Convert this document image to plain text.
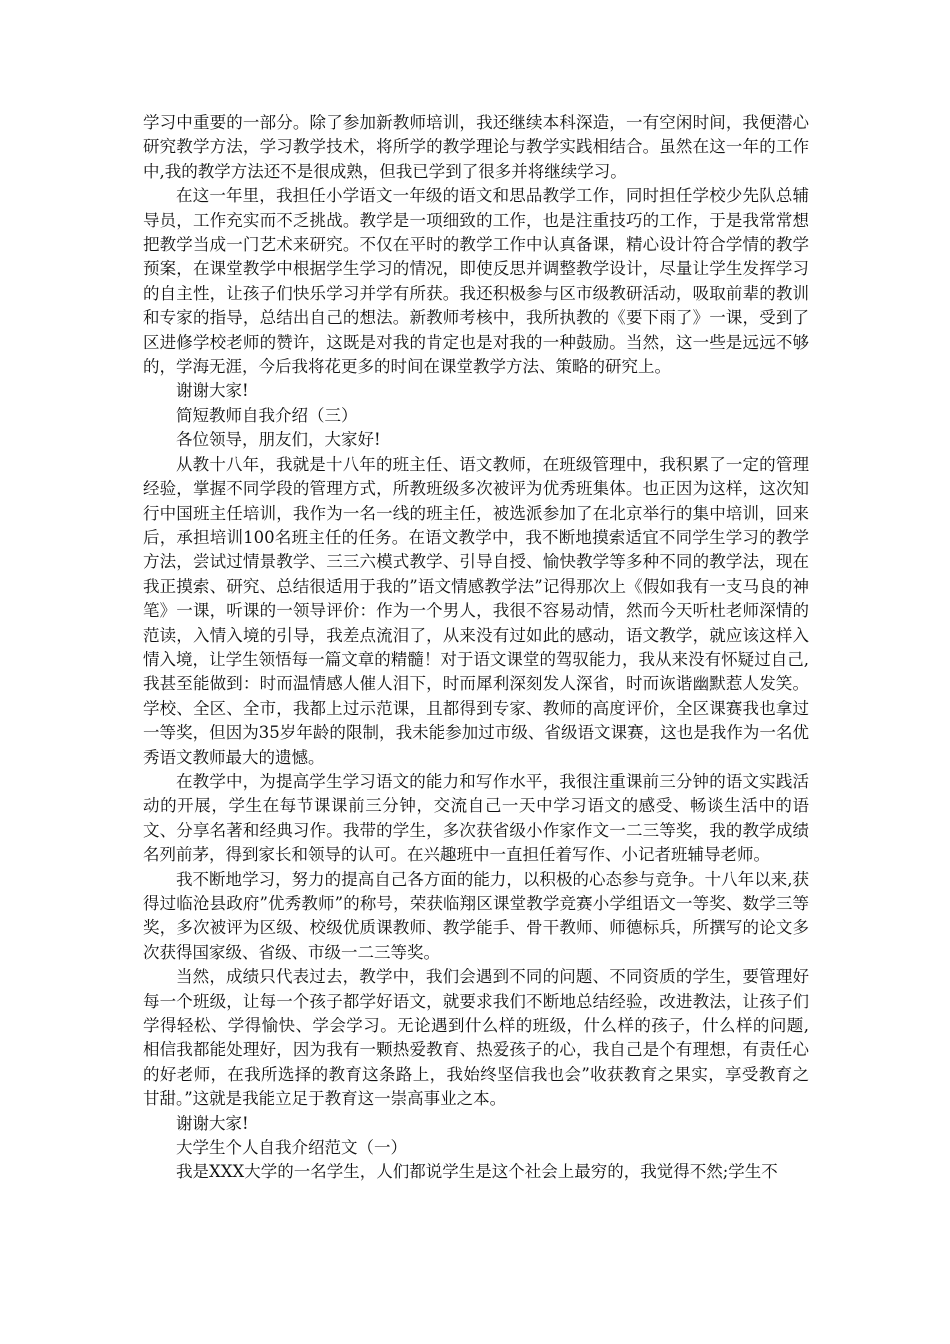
学习中重要的一部分。除了参加新教师培训，我还继续本科深造，一有空闲时间，我便潜心研究教学方法，学习教学技术，将所学的教学理论与教学实践相结合。虽然在这一年的工作中,我的教学方法还不是很成熟，但我已学到了很多并将继续学习。

在这一年里，我担任小学语文一年级的语文和思品教学工作，同时担任学校少先队总辅导员，工作充实而不乏挑战。教学是一项细致的工作，也是注重技巧的工作，于是我常常想把教学当成一门艺术来研究。不仅在平时的教学工作中认真备课，精心设计符合学情的教学预案，在课堂教学中根据学生学习的情况，即使反思并调整教学设计，尽量让学生发挥学习的自主性，让孩子们快乐学习并学有所获。我还积极参与区市级教研活动，吸取前辈的教训和专家的指导，总结出自己的想法。新教师考核中，我所执教的《要下雨了》一课，受到了区进修学校老师的赞许，这既是对我的肯定也是对我的一种鼓励。当然，这一些是远远不够的，学海无涯，今后我将花更多的时间在课堂教学方法、策略的研究上。

谢谢大家!

简短教师自我介绍（三）

各位领导，朋友们，大家好!

从教十八年，我就是十八年的班主任、语文教师，在班级管理中，我积累了一定的管理经验，掌握不同学段的管理方式，所教班级多次被评为优秀班集体。也正因为这样，这次知行中国班主任培训，我作为一名一线的班主任，被选派参加了在北京举行的集中培训，回来后，承担培训100名班主任的任务。在语文教学中，我不断地摸索适宜不同学生学习的教学方法，尝试过情景教学、三三六模式教学、引导自授、愉快教学等多种不同的教学法，现在我正摸索、研究、总结很适用于我的”语文情感教学法”记得那次上《假如我有一支马良的神笔》一课，听课的一领导评价：作为一个男人，我很不容易动情，然而今天听杜老师深情的范读，入情入境的引导，我差点流泪了，从来没有过如此的感动，语文教学，就应该这样入情入境，让学生领悟每一篇文章的精髓！对于语文课堂的驾驭能力，我从来没有怀疑过自己, 我甚至能做到：时而温情感人催人泪下，时而犀利深刻发人深省，时而诙谐幽默惹人发笑。学校、全区、全市，我都上过示范课，且都得到专家、教师的高度评价，全区课赛我也拿过一等奖，但因为35岁年龄的限制，我未能参加过市级、省级语文课赛，这也是我作为一名优秀语文教师最大的遗憾。

在教学中，为提高学生学习语文的能力和写作水平，我很注重课前三分钟的语文实践活动的开展，学生在每节课课前三分钟，交流自己一天中学习语文的感受、畅谈生活中的语文、分享名著和经典习作。我带的学生，多次获省级小作家作文一二三等奖，我的教学成绩名列前茅，得到家长和领导的认可。在兴趣班中一直担任着写作、小记者班辅导老师。

我不断地学习，努力的提高自己各方面的能力，以积极的心态参与竞争。十八年以来,获得过临沧县政府”优秀教师”的称号，荣获临翔区课堂教学竞赛小学组语文一等奖、数学三等奖，多次被评为区级、校级优质课教师、教学能手、骨干教师、师德标兵，所撰写的论文多次获得国家级、省级、市级一二三等奖。

当然，成绩只代表过去，教学中，我们会遇到不同的问题、不同资质的学生，要管理好每一个班级，让每一个孩子都学好语文，就要求我们不断地总结经验，改进教法，让孩子们学得轻松、学得愉快、学会学习。无论遇到什么样的班级，什么样的孩子，什么样的问题, 相信我都能处理好，因为我有一颗热爱教育、热爱孩子的心，我自己是个有理想，有责任心的好老师，在我所选择的教育这条路上，我始终坚信我也会”收获教育之果实，享受教育之甘甜。”这就是我能立足于教育这一崇高事业之本。

谢谢大家!

大学生个人自我介绍范文（一）

我是XXX大学的一名学生，人们都说学生是这个社会上最穷的，我觉得不然;学生不
